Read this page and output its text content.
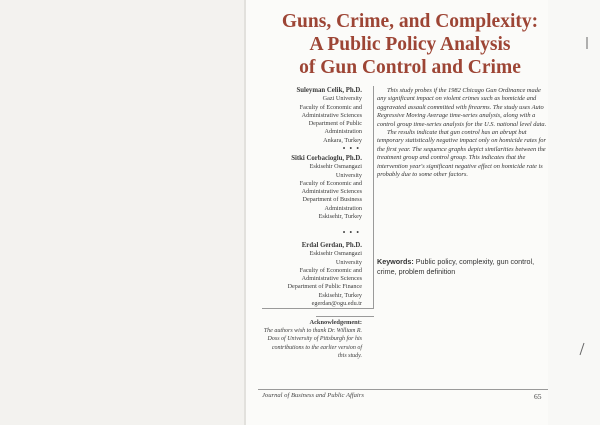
Guns, Crime, and Complexity:
A Public Policy Analysis
of Gun Control and Crime
Suleyman Celik, Ph.D.
Gazi University
Faculty of Economic and
Administrative Sciences
Department of Public
Administration
Ankara, Turkey
• • •
Sitki Corbacioglu, Ph.D.
Eskisehir Osmangazi
University
Faculty of Economic and
Administrative Sciences
Department of Business
Administration
Eskisehir, Turkey
• • •
Erdal Gerdan, Ph.D.
Eskisehir Osmangazi
University
Faculty of Economic and
Administrative Sciences
Department of Public Finance
Eskisehir, Turkey
egerdan@ogu.edu.tr

This study probes if the 1982 Chicago Gun Ordinance made any significant impact on violent crimes such as homicide and aggravated assault committed with firearms. The study uses Auto Regressive Moving Average time-series analysis, along with a control group time-series analysis for the U.S. national level data.

The results indicate that gun control has an abrupt but temporary statistically negative impact only on homicide rates for the first year. The sequence graphs depict similarities between the treatment group and control group. This indicates that the intervention year's significant negative effect on homicide rate is probably due to some other factors.

Keywords: Public policy, complexity, gun control, crime, problem definition
Acknowledgement:
The authors wish to thank Dr. William R. Doss of University of Pittsburgh for his contributions to the earlier version of this study.
Journal of Business and Public Affairs	65
